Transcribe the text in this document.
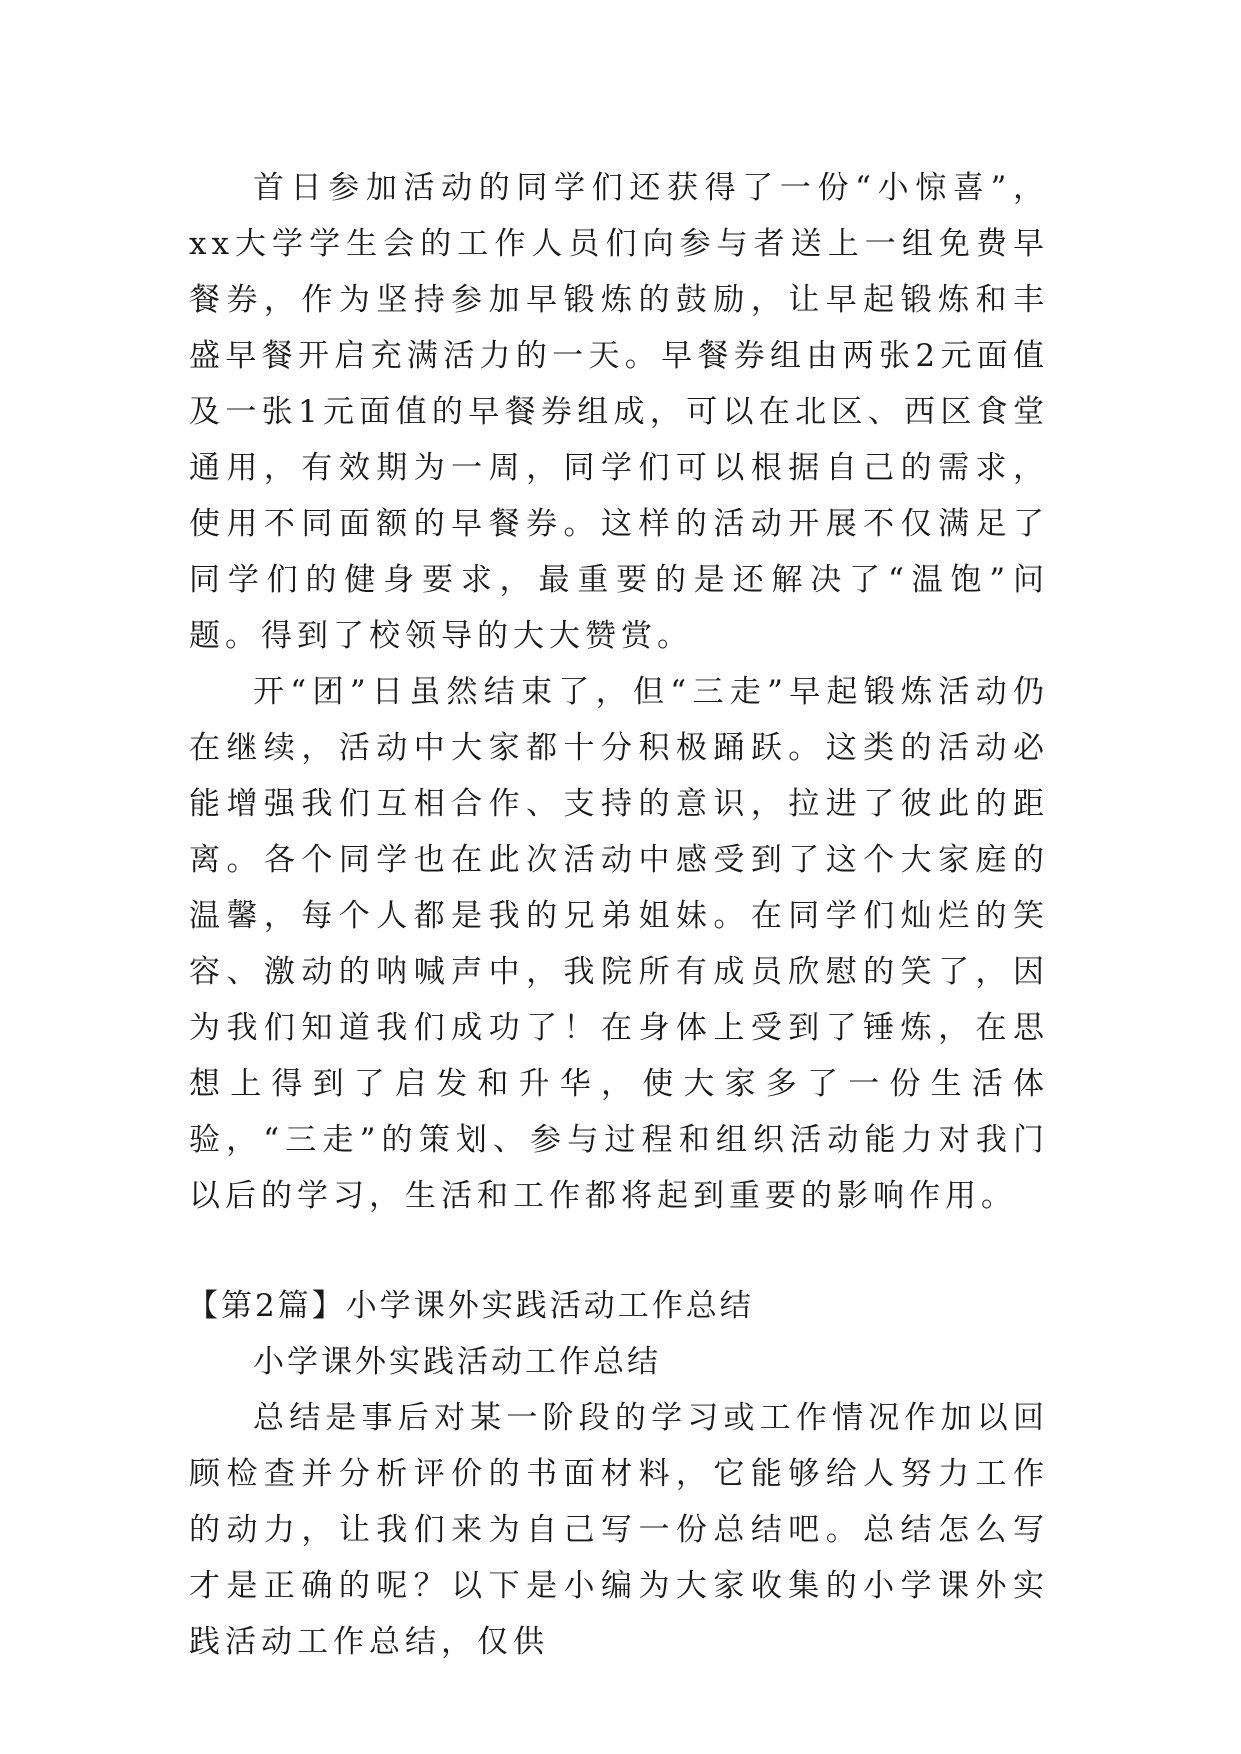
首日参加活动的同学们还获得了一份“小惊喜”，xx大学学生会的工作人员们向参与者送上一组免费早餐券，作为坚持参加早锻炼的鼓励，让早起锻炼和丰盛早餐开启充满活力的一天。早餐券组由两张2元面值及一张1元面值的早餐券组成，可以在北区、西区食堂通用，有效期为一周，同学们可以根据自己的需求，使用不同面额的早餐券。这样的活动开展不仅满足了同学们的健身要求，最重要的是还解决了“温饱”问题。得到了校领导的大大赞赏。

开“团”日虽然结束了，但“三走”早起锻炼活动仍在继续，活动中大家都十分积极踊跃。这类的活动必能增强我们互相合作、支持的意识，拉进了彼此的距离。各个同学也在此次活动中感受到了这个大家庭的温馨，每个人都是我的兄弟姐妹。在同学们灿烂的笑容、激动的呐喊声中，我院所有成员欣慰的笑了，因为我们知道我们成功了！在身体上受到了锤炼，在思想上得到了启发和升华，使大家多了一份生活体验，“三走”的策划、参与过程和组织活动能力对我门以后的学习，生活和工作都将起到重要的影响作用。

【第2篇】小学课外实践活动工作总结

小学课外实践活动工作总结

总结是事后对某一阶段的学习或工作情况作加以回顾检查并分析评价的书面材料，它能够给人努力工作的动力，让我们来为自己写一份总结吧。总结怎么写才是正确的呢？以下是小编为大家收集的小学课外实践活动工作总结，仅供
